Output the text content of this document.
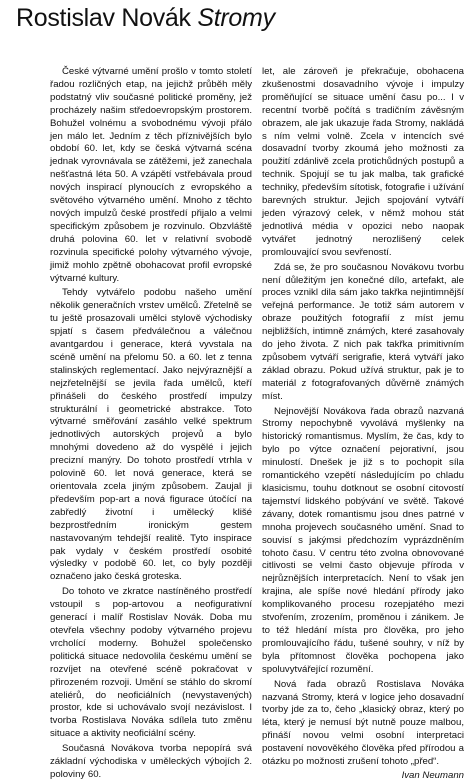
Rostislav Novák Stromy

České výtvarné umění prošlo v tomto století řadou rozličných etap, na jejichž průběh měly podstatný vliv současné politické proměny, jež procházely našim středoevropským prostorem. Bohužel volnému a svobodnému vývoji přálo jen málo let. Jedním z těch příznivějších bylo období 60. let, kdy se česká výtvarná scéna jednak vyrovnávala se zátěžemi, jež zanechala nešťastná léta 50. A vzápětí vstřebávala proud nových inspirací plynoucích z evropského a světového výtvarného umění. Mnoho z těchto nových impulzů české prostředí přijalo a velmi specifickým způsobem je rozvinulo. Obzvláště druhá polovina 60. let v relativní svobodě rozvinula specifické polohy výtvarného vývoje, jimiž mohlo zpětně obohacovat profil evropské výtvarné kultury.

Tehdy vytvářelo podobu našeho umění několik generačních vrstev umělců. Zřetelně se tu ještě prosazovali umělci stylově východisky spjatí s časem předválečnou a válečnou avantgardou i generace, která vyvstala na scéně umění na přelomu 50. a 60. let z tenna stalinských reglementací. Jako nejvýraznější a nejzřetelnější se jevila řada umělců, kteří přinášeli do českého prostředí impulzy strukturální i geometrické abstrakce. Toto výtvarné směřování zasáhlo velké spektrum jednotlivých autorských projevů a bylo mnohými dovedeno až do vyspělé i jejich precizní manýry. Do tohoto prostředí vtrhla v polovině 60. let nová generace, která se orientovala zcela jiným způsobem. Zaujal ji především pop-art a nová figurace útočící na zabředlý životní i umělecký klišé bezprostředním ironickým gestem nastavovaným tehdejší realitě. Tyto inspirace pak vydaly v českém prostředí osobité výsledky v podobě 60. let, co byly později označeno jako česká groteska.

Do tohoto ve zkratce nastíněného prostředí vstoupil s pop-artovou a neofigurativní generací i malíř Rostislav Novák. Doba mu otevřela všechny podoby výtvarného projevu vrcholící moderny. Bohužel společensko politická situace nedovolila českému umění se rozvíjet na otevřené scéně pokračovat v přirozeném rozvoji. Umění se stáhlo do skromí ateliérů, do neoficiálních (nevystavených) prostor, kde si uchovávalo svojí nezávislost. I tvorba Rostislava Nováka sdílela tuto změnu situace a aktivity neoficiální scény.

Současná Novákova tvorba nepopírá svá základní východiska v uměleckých výbojích 2. poloviny 60.

let, ale zároveň je překračuje, obohacena zkušenostmi dosavadního vývoje i impulzy proměňující se situace umění času po... I v recentní tvorbě počítá s tradičním závěsným obrazem, ale jak ukazuje řada Stromy, nakládá s ním velmi volně. Zcela v intencích své dosavadní tvorby zkoumá jeho možnosti za použití zdánlivě zcela protichůdných postupů a technik. Spojují se tu jak malba, tak grafické techniky, především sítotisk, fotografie i užívání barevných struktur. Jejich spojování vytváří jeden výrazový celek, v němž mohou stát jednotlivá média v opozici nebo naopak vytvářet jednotný nerozlišený celek promlouvající svou sevřeností.

Zdá se, že pro současnou Novákovu tvorbu není důležitým jen konečné dílo, artefakt, ale proces vznikl dila sám jako takřka nejintimnější veřejná performance. Je totiž sám autorem v obraze použitých fotografií z míst jemu nejbližších, intimně známých, které zasahovaly do jeho života. Z nich pak takřka primitivním způsobem vytváří serigrafie, která vytváří jako základ obrazu. Pokud užívá struktur, pak je to materiál z fotografovaných důvěrně známých míst.

Nejnovější Novákova řada obrazů nazvaná Stromy nepochybně vyvolává myšlenky na historický romantismus. Myslím, že čas, kdy to bylo po výtce označení pejorativní, jsou minulostí. Dnešek je již s to pochopit síla romantického vzepětí následujícím po chladu klasicismu, touhu dotknout se osobní citovostí tajemství lidského pobývání ve světě. Takové závany, dotek romantismu jsou dnes patrné v mnoha projevech současného umění. Snad to souvisí s jakýmsi předchozím vyprázdněním tohoto času. V centru této zvolna obnovované citlivosti se velmi často objevuje příroda v nejrůznějších interpretacích. Není to však jen krajina, ale spíše nové hledání přírody jako komplikovaného procesu rozepjatého mezi stvořením, zrozením, proměnou i zánikem. Je to též hledání místa pro člověka, pro jeho promlouvajícího řádu, tušené souhry, v níž by byla přítomnost člověka pochopena jako spoluvytvářející rozumění.

Nová řada obrazů Rostislava Nováka nazvaná Stromy, která v logice jeho dosavadní tvorby jde za to, čeho „klasický obraz, který po léta, který je nemusí být nutně pouze malbou, přináší novou velmi osobní interpretaci postavení novověkého člověka před přírodou a otázku po možnosti zrušení tohoto „před“.

Ivan Neumann
